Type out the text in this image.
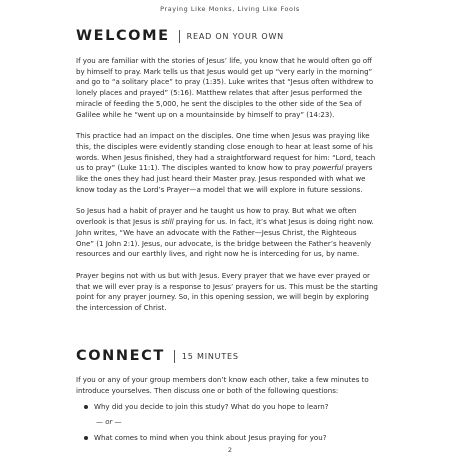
Praying Like Monks, Living Like Fools
WELCOME READ ON YOUR OWN

If you are familiar with the stories of Jesus’ life, you know that he would often go off
by himself to pray. Mark tells us that Jesus would get up “very early in the morning”
and go to “a solitary place” to pray (1:35). Luke writes that “Jesus often withdrew to
lonely places and prayed” (5:16). Matthew relates that after Jesus performed the
miracle of feeding the 5,000, he sent the disciples to the other side of the Sea of
Galilee while he “went up on a mountainside by himself to pray” (14:23).

This practice had an impact on the disciples. One time when Jesus was praying like
this, the disciples were evidently standing close enough to hear at least some of his
words. When Jesus finished, they had a straightforward request for him: “Lord, teach
us to pray” (Luke 11:1). The disciples wanted to know how to pray powerful prayers
like the ones they had just heard their Master pray. Jesus responded with what we
know today as the Lord’s Prayer—a model that we will explore in future sessions.

So Jesus had a habit of prayer and he taught us how to pray. But what we often
overlook is that Jesus is still praying for us. In fact, it’s what Jesus is doing right now.
John writes, “We have an advocate with the Father—Jesus Christ, the Righteous
One” (1 John 2:1). Jesus, our advocate, is the bridge between the Father’s heavenly
resources and our earthly lives, and right now he is interceding for us, by name.

Prayer begins not with us but with Jesus. Every prayer that we have ever prayed or
that we will ever pray is a response to Jesus’ prayers for us. This must be the starting
point for any prayer journey. So, in this opening session, we will begin by exploring
the intercession of Christ.

CONNECT 15 MINUTES
If you or any of your group members don’t know each other, take a few minutes to
introduce yourselves. Then discuss one or both of the following questions:
Why did you decide to join this study? What do you hope to learn?
— or —
What comes to mind when you think about Jesus praying for you?
2
